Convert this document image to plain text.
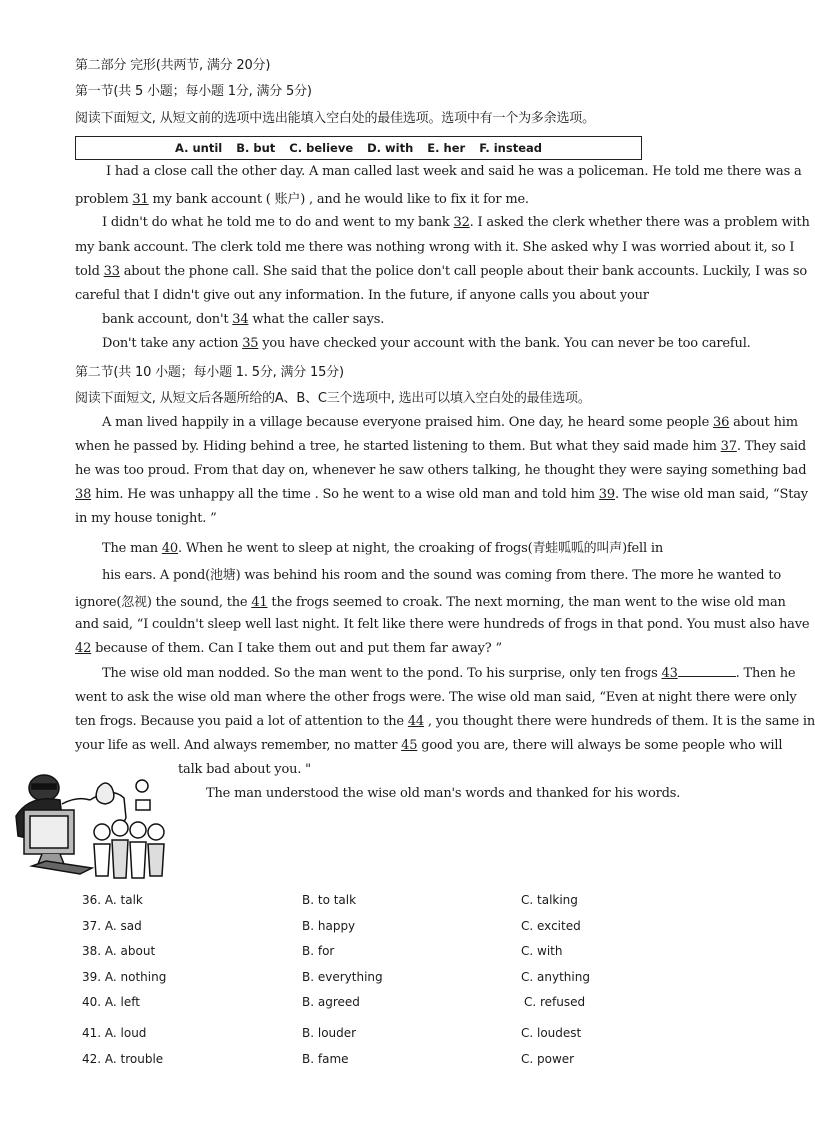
第二部分 完形(共两节, 满分 20分)
第一节(共 5 小题；每小题 1分, 满分 5分)
阅读下面短文, 从短文前的选项中选出能填入空白处的最佳选项。选项中有一个为多余选项。
A. until B. but C. believe D. with E. her F. instead
I had a close call the other day. A man called last week and said he was a policeman. He told me there was a
problem 31 my bank account ( 账户) , and he would like to fix it for me.
I didn't do what he told me to do and went to my bank 32. I asked the clerk whether there was a problem with
my bank account. The clerk told me there was nothing wrong with it. She asked why I was worried about it, so I
told 33 about the phone call. She said that the police don't call people about their bank accounts. Luckily, I was so
careful that I didn't give out any information. In the future, if anyone calls you about your
bank account, don't 34 what the caller says.
Don't take any action 35 you have checked your account with the bank. You can never be too careful.
第二节(共 10 小题；每小题 1. 5分, 满分 15分)
阅读下面短文, 从短文后各题所给的A、B、C三个选项中, 选出可以填入空白处的最佳选项。
A man lived happily in a village because everyone praised him. One day, he heard some people 36 about him
when he passed by. Hiding behind a tree, he started listening to them. But what they said made him 37. They said
he was too proud. From that day on, whenever he saw others talking, he thought they were saying something bad
38 him. He was unhappy all the time . So he went to a wise old man and told him 39. The wise old man said, “Stay
in my house tonight. ”
The man 40. When he went to sleep at night, the croaking of frogs(青蛙呱呱的叫声)fell in
his ears. A pond(池塘) was behind his room and the sound was coming from there. The more he wanted to
ignore(忽视) the sound, the 41 the frogs seemed to croak. The next morning, the man went to the wise old man
and said, “I couldn't sleep well last night. It felt like there were hundreds of frogs in that pond. You must also have
42 because of them. Can I take them out and put them far away? ”
The wise old man nodded. So the man went to the pond. To his surprise, only ten frogs 43	. Then he
went to ask the wise old man where the other frogs were. The wise old man said, “Even at night there were only
ten frogs. Because you paid a lot of attention to the 44 , you thought there were hundreds of them. It is the same in
your life as well. And always remember, no matter 45 good you are, there will always be some people who will
talk bad about you. "
The man understood the wise old man's words and thanked for his words.
36. A. talk	B. to talk	C. talking
37. A. sad	B. happy	C. excited
38. A. about	B. for	C. with
39. A. nothing	B. everything	C. anything
40. A. left	B. agreed	C. refused
41. A. loud	B. louder	C. loudest
42. A. trouble	B. fame	C. power
